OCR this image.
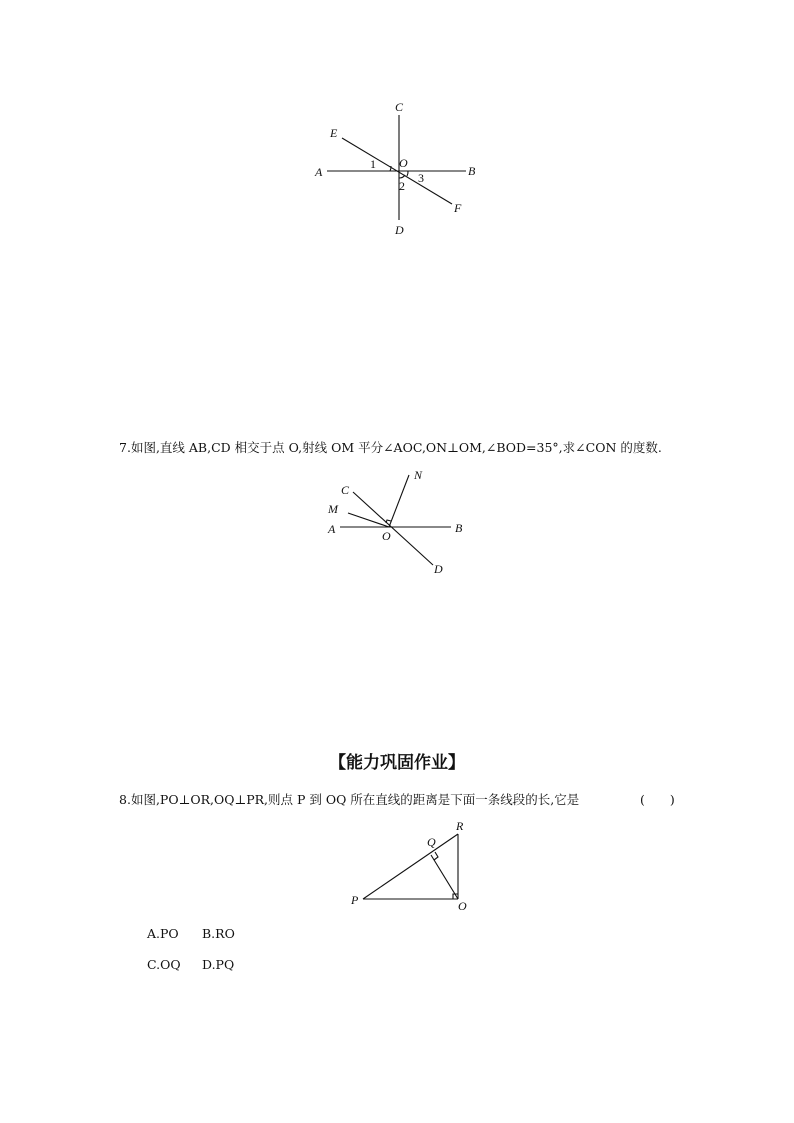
C
E
A
O
B
D
F
1
2
3
7.如图,直线 AB,CD 相交于点 O,射线 OM 平分∠AOC,ON⊥OM,∠BOD=35°,求∠CON 的度数.
N
C
M
A	O
B
D
【能力巩固作业】
8.如图,PO⊥OR,OQ⊥PR,则点 P 到 OQ 所在直线的距离是下面一条线段的长,它是	(　　)
R
Q
P	O
A.PO B.RO
C.OQ D.PQ
